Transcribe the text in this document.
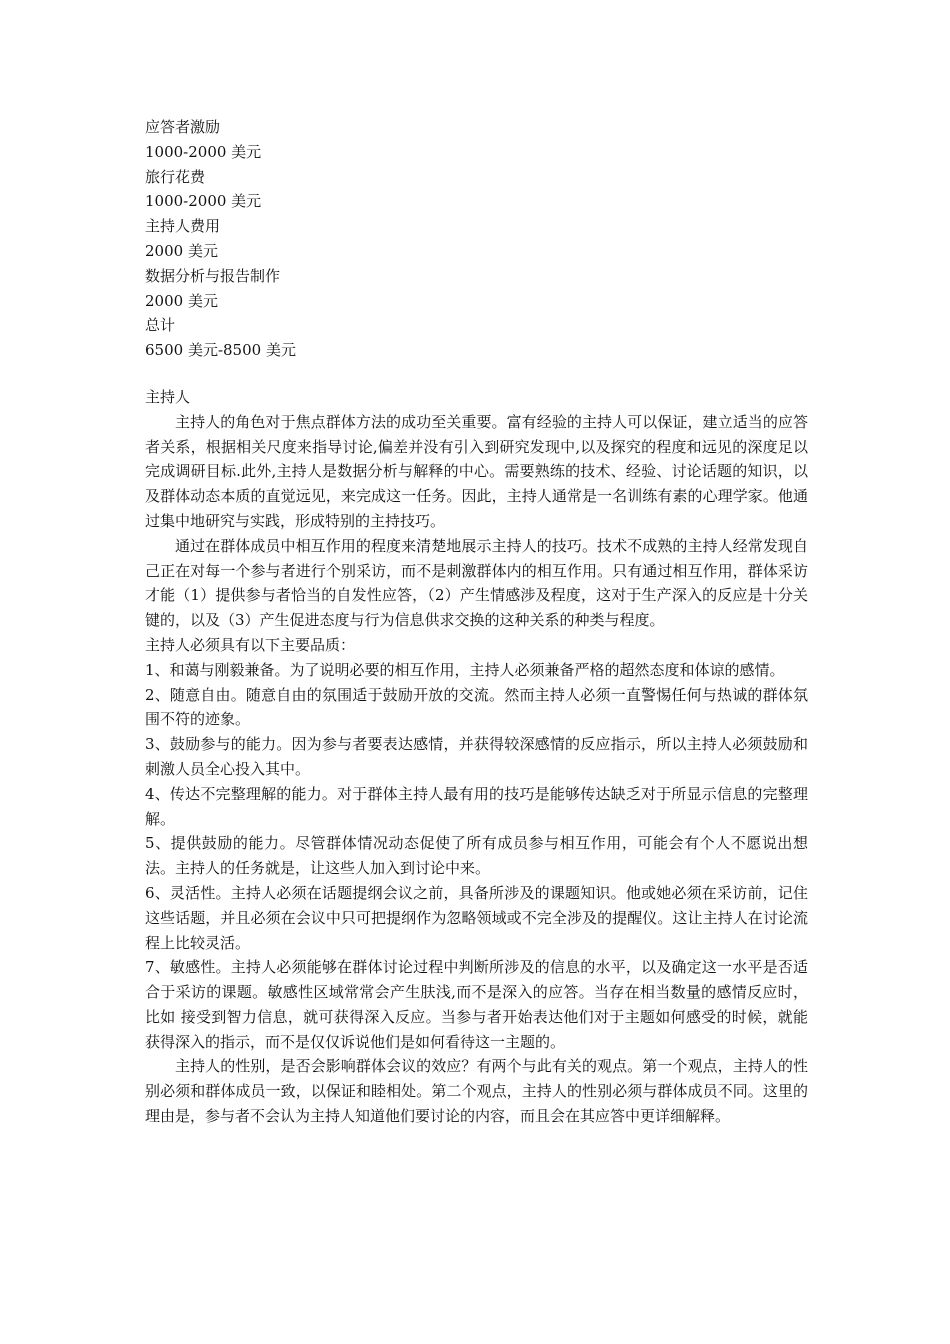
应答者激励
1000-2000 美元
旅行花费
1000-2000 美元
主持人费用
2000 美元
数据分析与报告制作
2000 美元
总计
6500 美元-8500 美元
主持人

主持人的角色对于焦点群体方法的成功至关重要。富有经验的主持人可以保证，建立适当的应答者关系，根据相关尺度来指导讨论,偏差并没有引入到研究发现中,以及探究的程度和远见的深度足以完成调研目标.此外,主持人是数据分析与解释的中心。需要熟练的技术、经验、讨论话题的知识，以及群体动态本质的直觉远见，来完成这一任务。因此，主持人通常是一名训练有素的心理学家。他通过集中地研究与实践，形成特别的主持技巧。

通过在群体成员中相互作用的程度来清楚地展示主持人的技巧。技术不成熟的主持人经常发现自己正在对每一个参与者进行个别采访，而不是刺激群体内的相互作用。只有通过相互作用，群体采访才能（1）提供参与者恰当的自发性应答，（2）产生情感涉及程度，这对于生产深入的反应是十分关键的，以及（3）产生促进态度与行为信息供求交换的这种关系的种类与程度。

主持人必须具有以下主要品质：

1、和蔼与刚毅兼备。为了说明必要的相互作用，主持人必须兼备严格的超然态度和体谅的感情。

2、随意自由。随意自由的氛围适于鼓励开放的交流。然而主持人必须一直警惕任何与热诚的群体氛围不符的迹象。

3、鼓励参与的能力。因为参与者要表达感情，并获得较深感情的反应指示，所以主持人必须鼓励和刺激人员全心投入其中。

4、传达不完整理解的能力。对于群体主持人最有用的技巧是能够传达缺乏对于所显示信息的完整理解。

5、提供鼓励的能力。尽管群体情况动态促使了所有成员参与相互作用，可能会有个人不愿说出想法。主持人的任务就是，让这些人加入到讨论中来。

6、灵活性。主持人必须在话题提纲会议之前，具备所涉及的课题知识。他或她必须在采访前，记住这些话题，并且必须在会议中只可把提纲作为忽略领域或不完全涉及的提醒仪。这让主持人在讨论流程上比较灵活。

7、敏感性。主持人必须能够在群体讨论过程中判断所涉及的信息的水平，以及确定这一水平是否适合于采访的课题。敏感性区域常常会产生肤浅,而不是深入的应答。当存在相当数量的感情反应时，比如 接受到智力信息，就可获得深入反应。当参与者开始表达他们对于主题如何感受的时候，就能获得深入的指示，而不是仅仅诉说他们是如何看待这一主题的。

主持人的性别，是否会影响群体会议的效应？有两个与此有关的观点。第一个观点，主持人的性别必须和群体成员一致，以保证和睦相处。第二个观点，主持人的性别必须与群体成员不同。这里的理由是，参与者不会认为主持人知道他们要讨论的内容，而且会在其应答中更详细解释。
